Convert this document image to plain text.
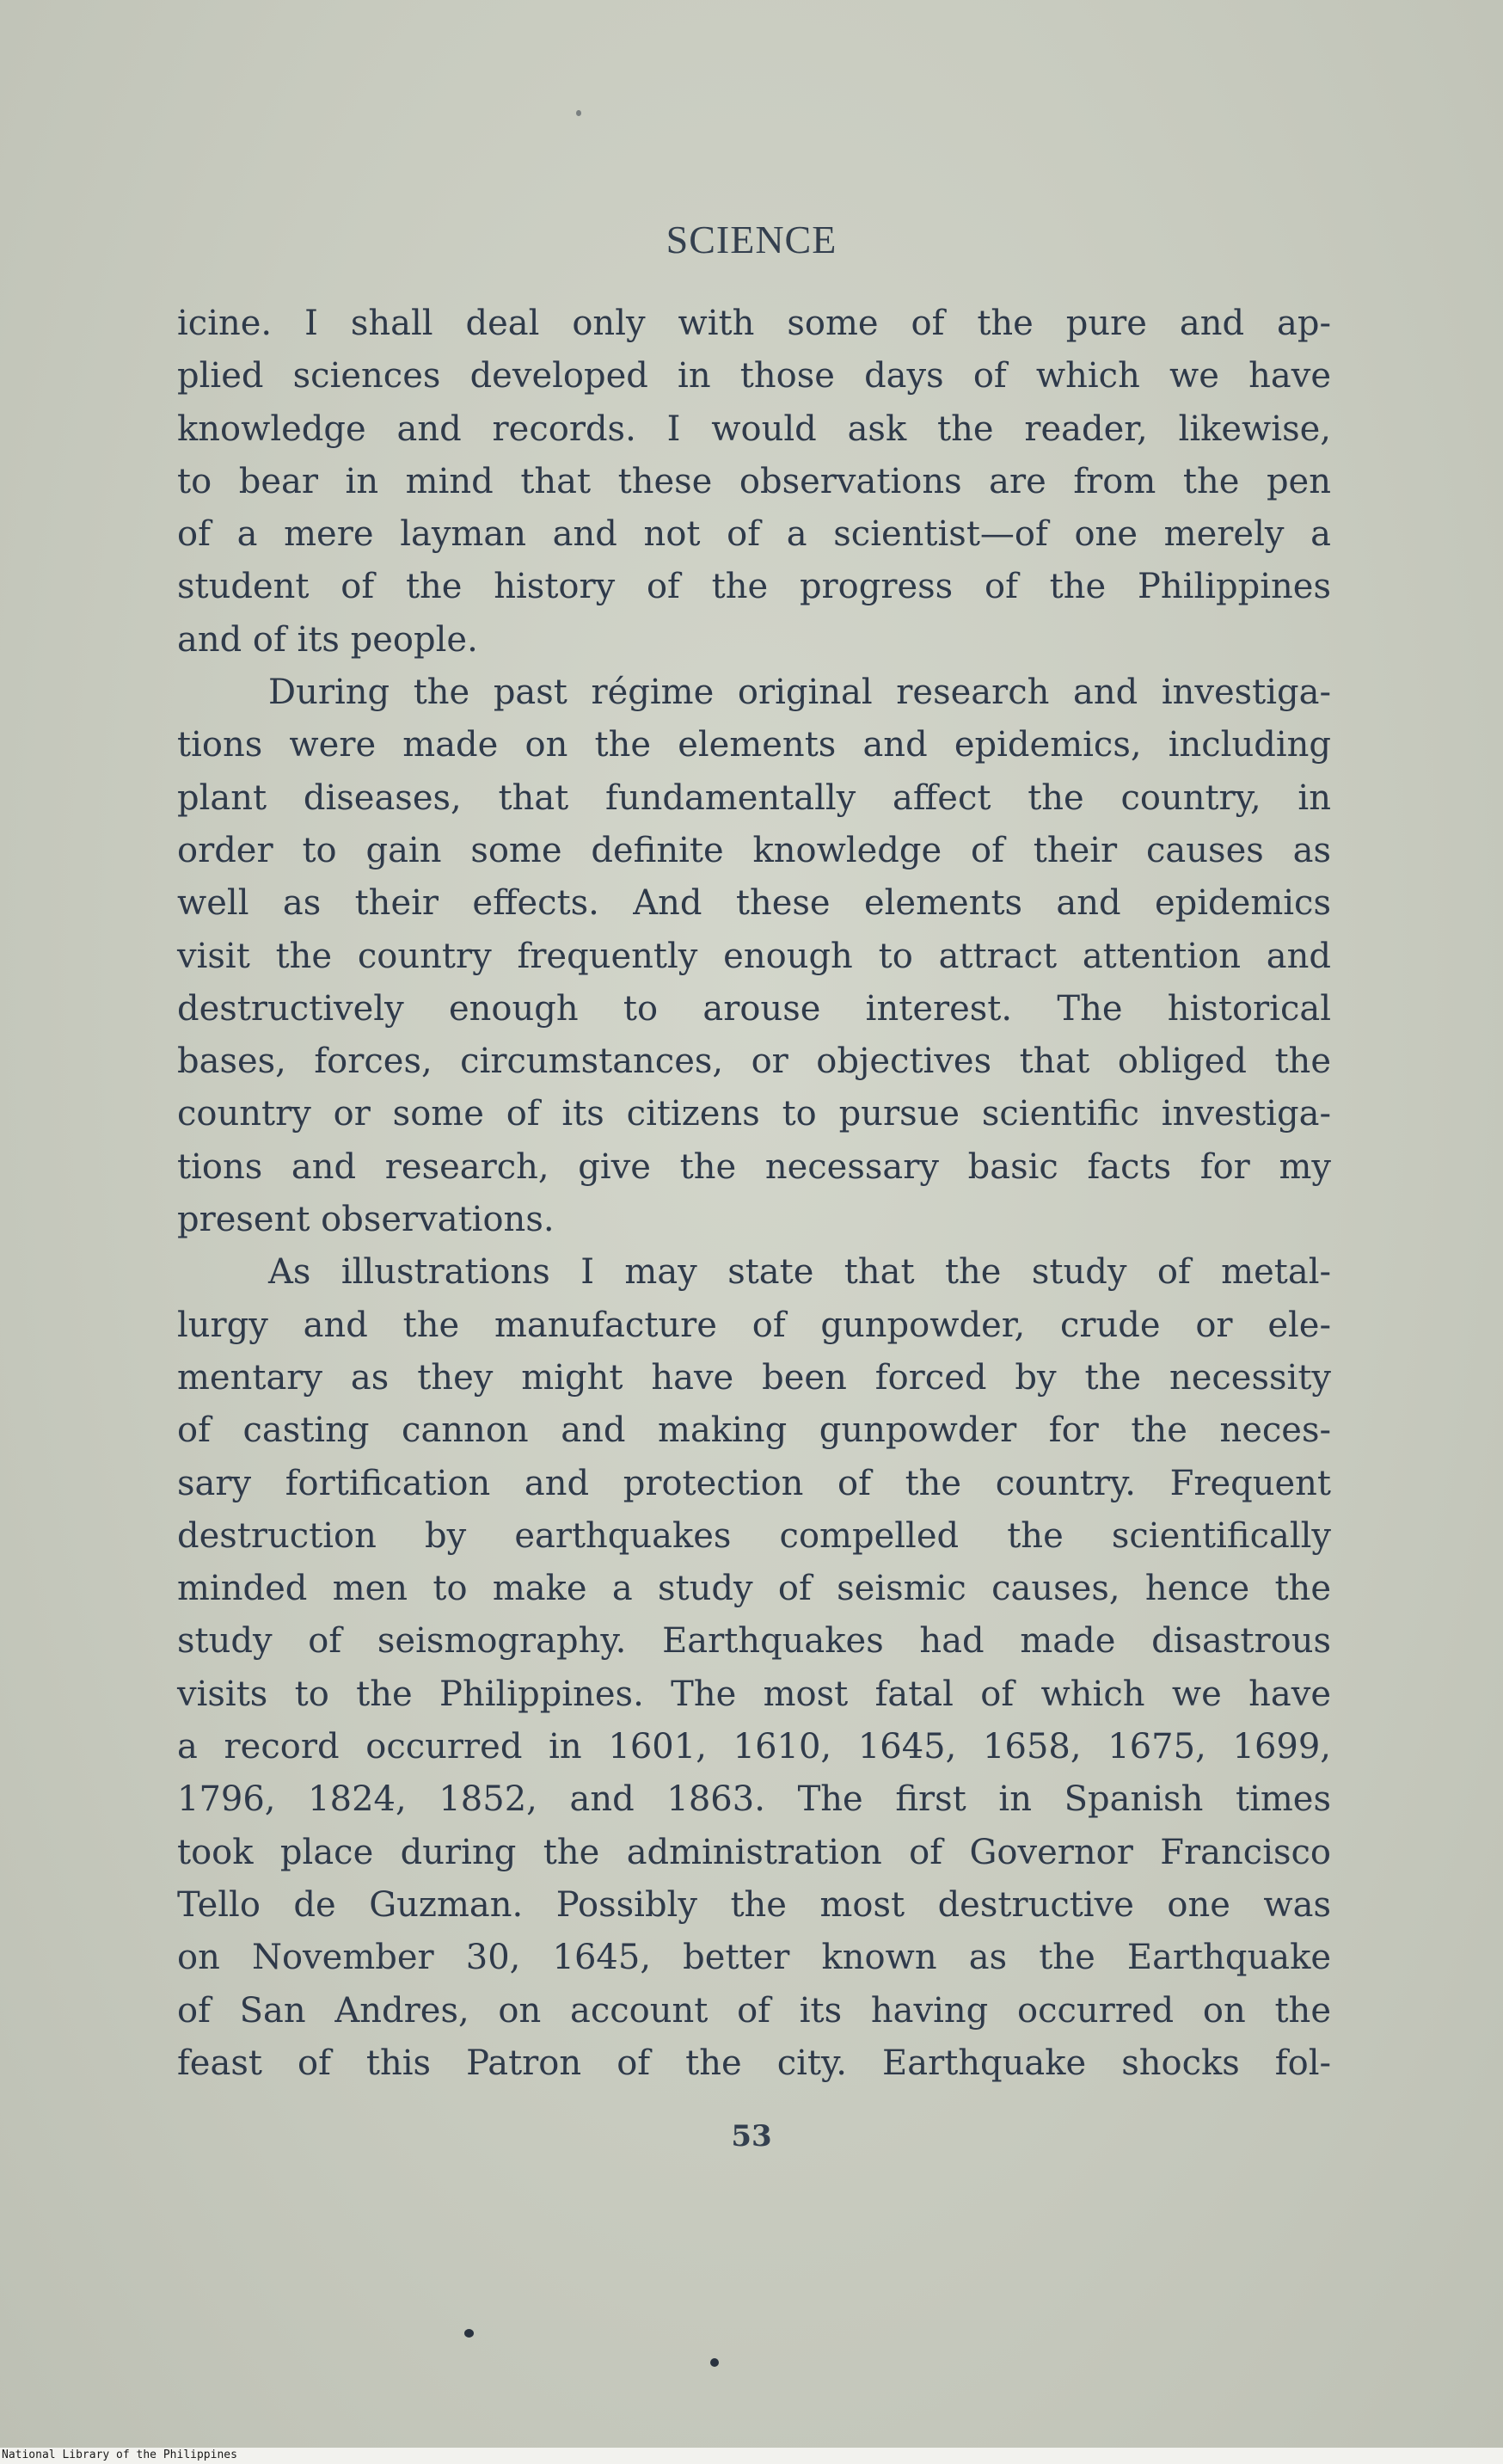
SCIENCE
icine. I shall deal only with some of the pure and ap-
plied sciences developed in those days of which we have
knowledge and records. I would ask the reader, likewise,
to bear in mind that these observations are from the pen
of a mere layman and not of a scientist—of one merely a
student of the history of the progress of the Philippines
and of its people.
During the past régime original research and investiga-
tions were made on the elements and epidemics, including
plant diseases, that fundamentally affect the country, in
order to gain some definite knowledge of their causes as
well as their effects. And these elements and epidemics
visit the country frequently enough to attract attention and
destructively enough to arouse interest. The historical
bases, forces, circumstances, or objectives that obliged the
country or some of its citizens to pursue scientific investiga-
tions and research, give the necessary basic facts for my
present observations.
As illustrations I may state that the study of metal-
lurgy and the manufacture of gunpowder, crude or ele-
mentary as they might have been forced by the necessity
of casting cannon and making gunpowder for the neces-
sary fortification and protection of the country. Frequent
destruction by earthquakes compelled the scientifically
minded men to make a study of seismic causes, hence the
study of seismography. Earthquakes had made disastrous
visits to the Philippines. The most fatal of which we have
a record occurred in 1601, 1610, 1645, 1658, 1675, 1699,
1796, 1824, 1852, and 1863. The first in Spanish times
took place during the administration of Governor Francisco
Tello de Guzman. Possibly the most destructive one was
on November 30, 1645, better known as the Earthquake
of San Andres, on account of its having occurred on the
feast of this Patron of the city. Earthquake shocks fol-
53
National Library of the Philippines
